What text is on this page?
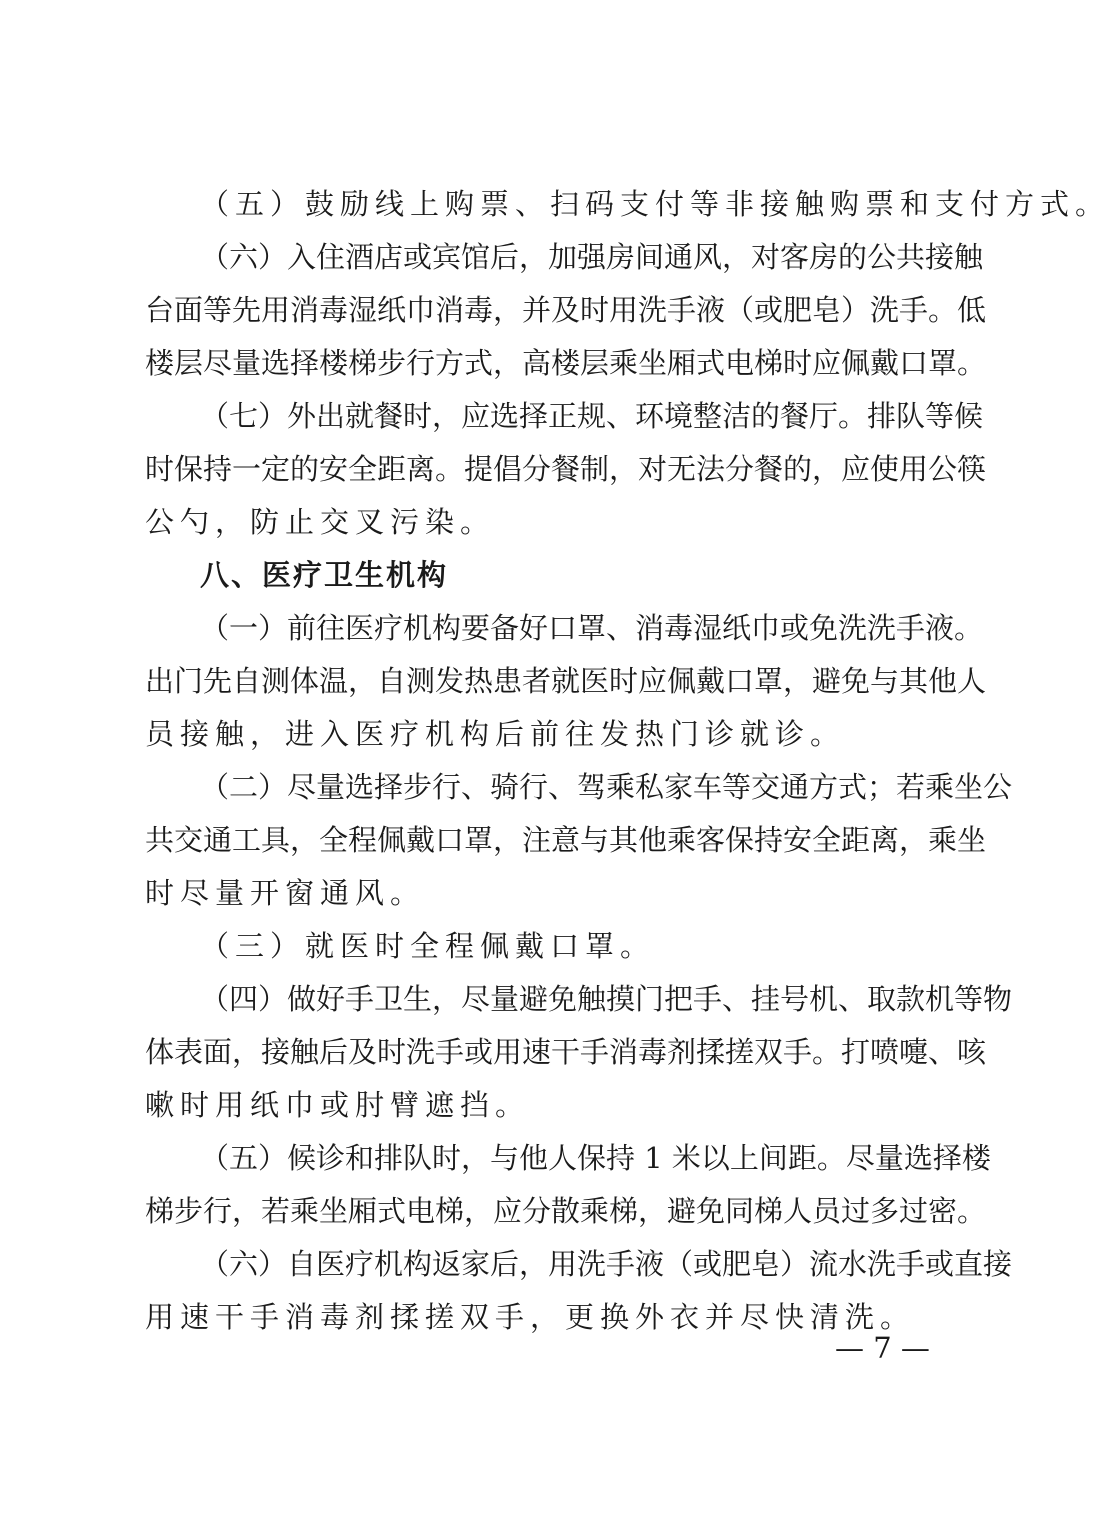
（五）鼓励线上购票、扫码支付等非接触购票和支付方式。
（六）入住酒店或宾馆后，加强房间通风，对客房的公共接触
台面等先用消毒湿纸巾消毒，并及时用洗手液（或肥皂）洗手。低
楼层尽量选择楼梯步行方式，高楼层乘坐厢式电梯时应佩戴口罩。
（七）外出就餐时，应选择正规、环境整洁的餐厅。排队等候
时保持一定的安全距离。提倡分餐制，对无法分餐的，应使用公筷
公勺，防止交叉污染。
八、医疗卫生机构
（一）前往医疗机构要备好口罩、消毒湿纸巾或免洗洗手液。
出门先自测体温，自测发热患者就医时应佩戴口罩，避免与其他人
员接触，进入医疗机构后前往发热门诊就诊。
（二）尽量选择步行、骑行、驾乘私家车等交通方式；若乘坐公
共交通工具，全程佩戴口罩，注意与其他乘客保持安全距离，乘坐
时尽量开窗通风。
（三）就医时全程佩戴口罩。
（四）做好手卫生，尽量避免触摸门把手、挂号机、取款机等物
体表面，接触后及时洗手或用速干手消毒剂揉搓双手。打喷嚏、咳
嗽时用纸巾或肘臂遮挡。
（五）候诊和排队时，与他人保持 1 米以上间距。尽量选择楼
梯步行，若乘坐厢式电梯，应分散乘梯，避免同梯人员过多过密。
（六）自医疗机构返家后，用洗手液（或肥皂）流水洗手或直接
用速干手消毒剂揉搓双手，更换外衣并尽快清洗。
— 7 —
